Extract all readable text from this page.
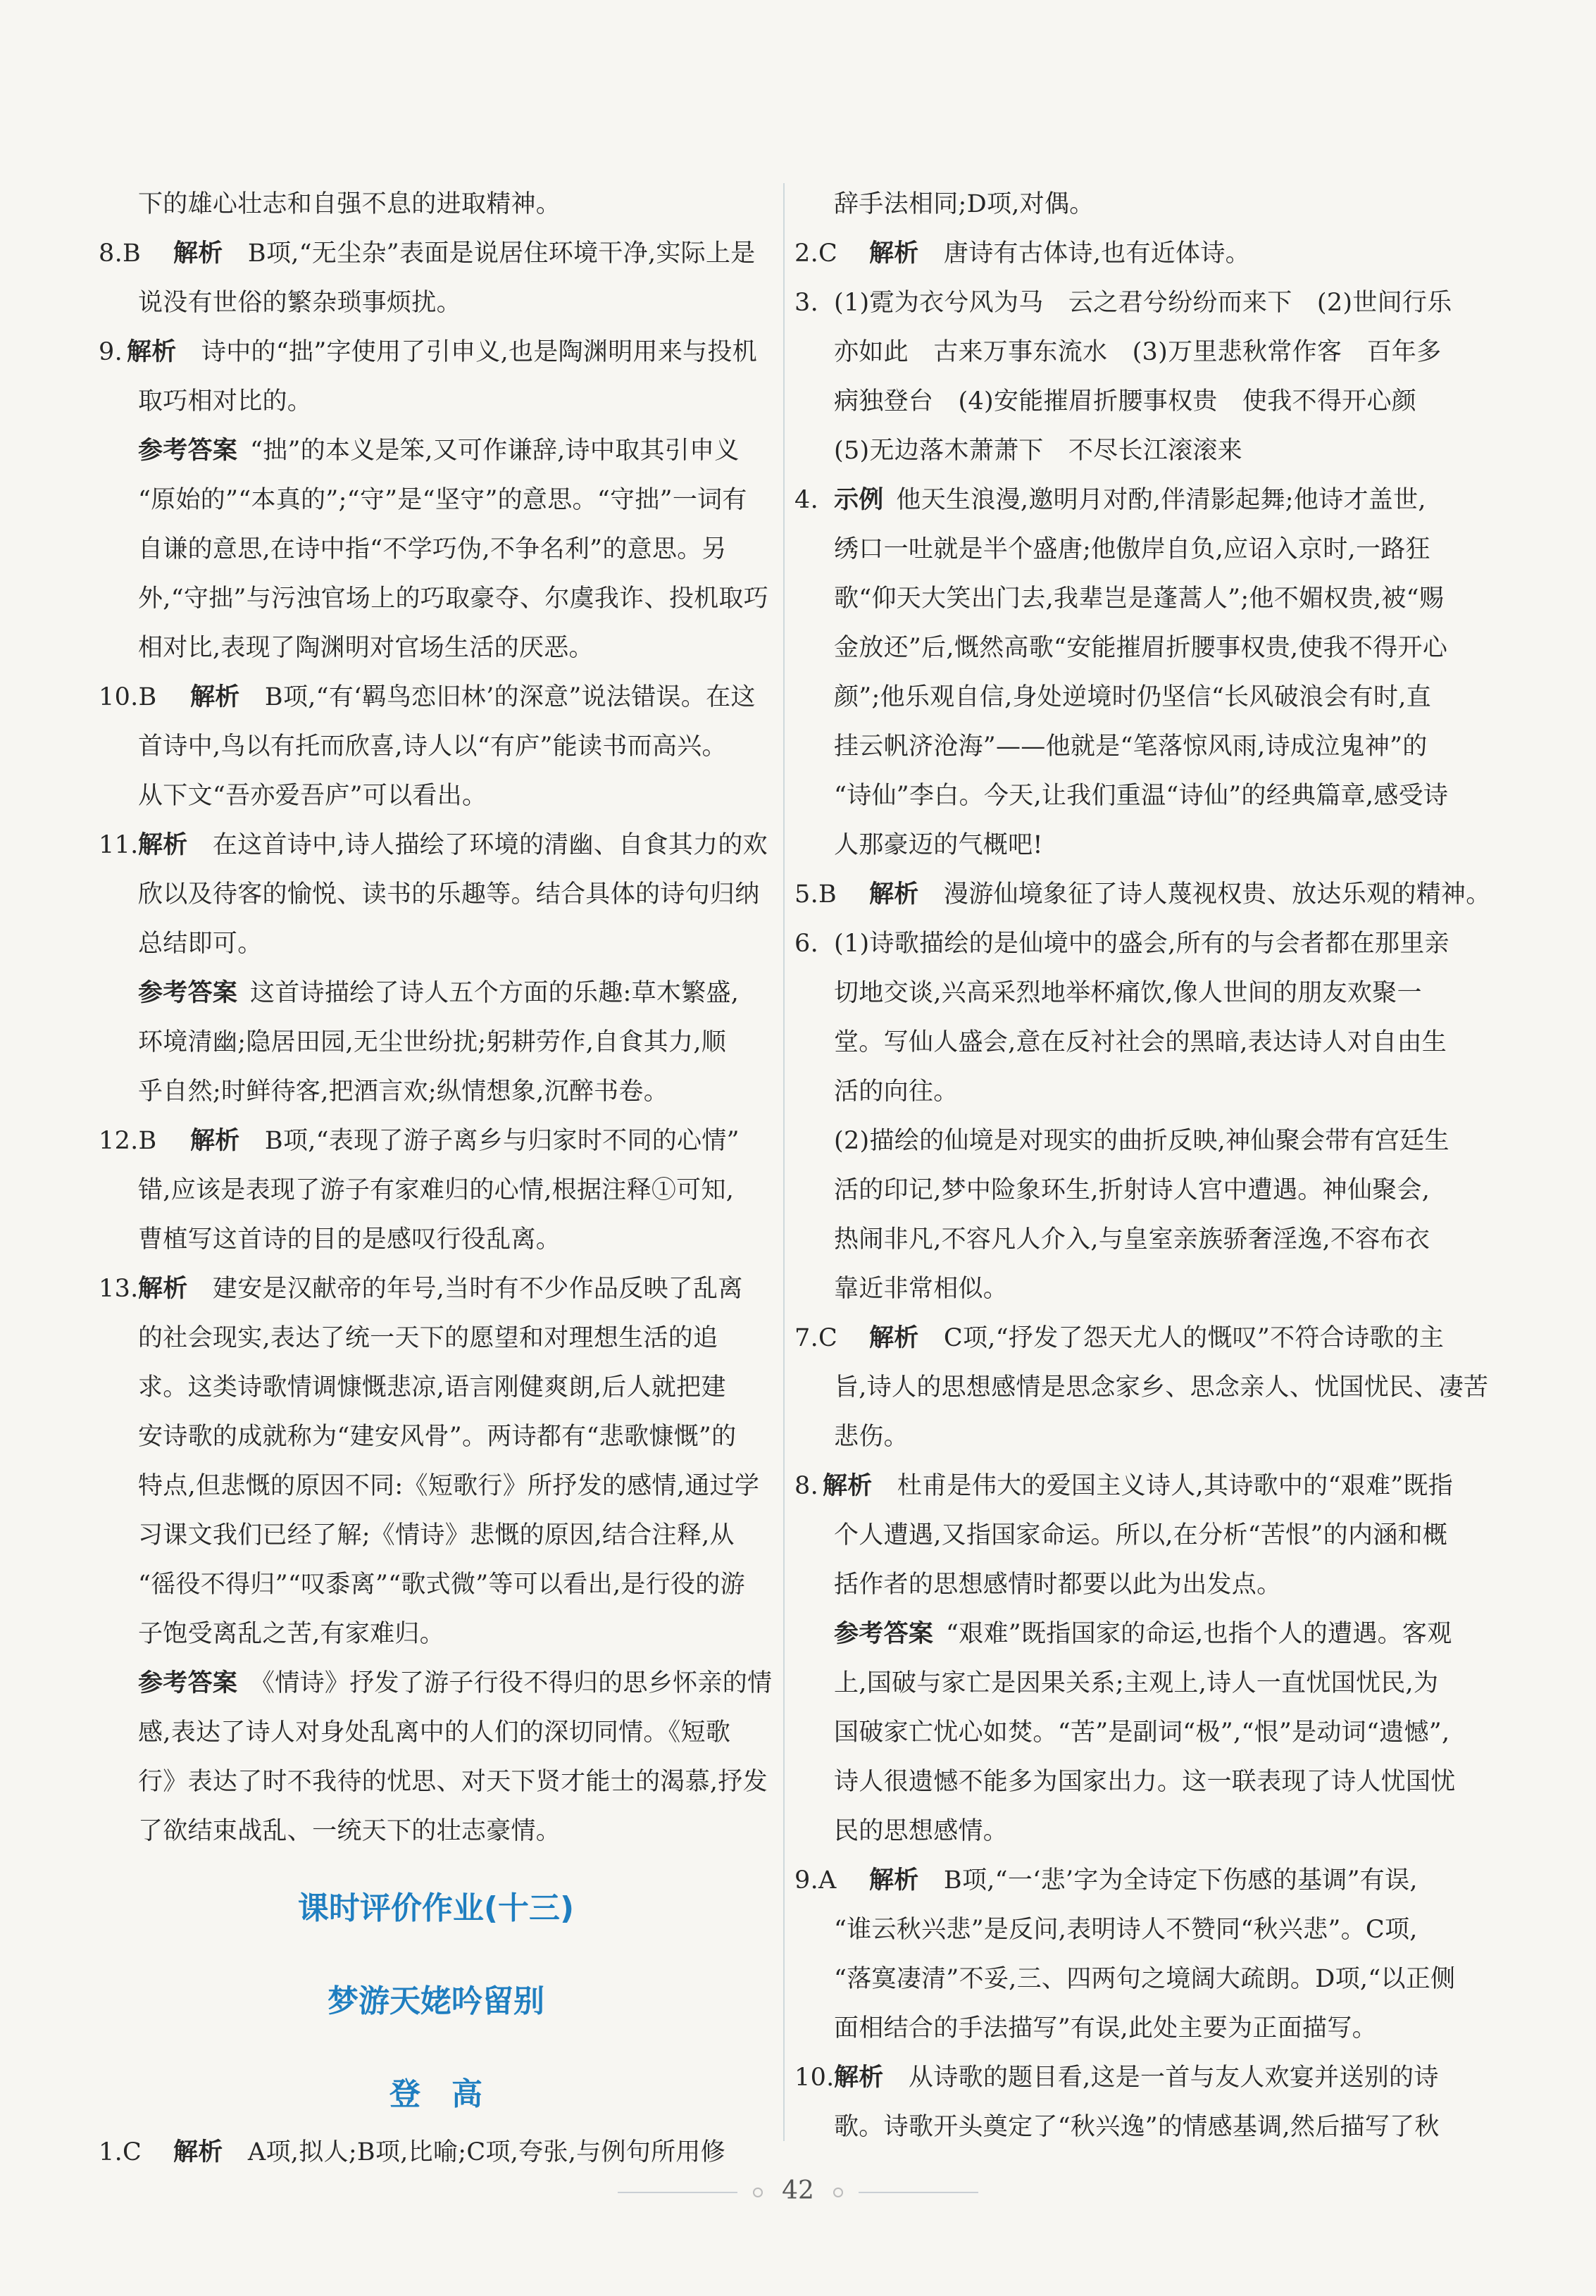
下的雄心壮志和自强不息的进取精神。
8.B 解析  B项,“无尘杂”表面是说居住环境干净,实际上是
说没有世俗的繁杂琐事烦扰。
9. 解析  诗中的“拙”字使用了引申义,也是陶渊明用来与投机
取巧相对比的。
参考答案  “拙”的本义是笨,又可作谦辞,诗中取其引申义
“原始的”“本真的”;“守”是“坚守”的意思。“守拙”一词有
自谦的意思,在诗中指“不学巧伪,不争名利”的意思。另
外,“守拙”与污浊官场上的巧取豪夺、尔虞我诈、投机取巧
相对比,表现了陶渊明对官场生活的厌恶。
10.B 解析  B项,“有‘羁鸟恋旧林’的深意”说法错误。在这
首诗中,鸟以有托而欣喜,诗人以“有庐”能读书而高兴。
从下文“吾亦爱吾庐”可以看出。
11. 解析  在这首诗中,诗人描绘了环境的清幽、自食其力的欢
欣以及待客的愉悦、读书的乐趣等。结合具体的诗句归纳
总结即可。
参考答案  这首诗描绘了诗人五个方面的乐趣:草木繁盛,
环境清幽;隐居田园,无尘世纷扰;躬耕劳作,自食其力,顺
乎自然;时鲜待客,把酒言欢;纵情想象,沉醉书卷。
12.B 解析  B项,“表现了游子离乡与归家时不同的心情”
错,应该是表现了游子有家难归的心情,根据注释①可知,
曹植写这首诗的目的是感叹行役乱离。
13. 解析  建安是汉献帝的年号,当时有不少作品反映了乱离
的社会现实,表达了统一天下的愿望和对理想生活的追
求。这类诗歌情调慷慨悲凉,语言刚健爽朗,后人就把建
安诗歌的成就称为“建安风骨”。两诗都有“悲歌慷慨”的
特点,但悲慨的原因不同:《短歌行》所抒发的感情,通过学
习课文我们已经了解;《情诗》悲慨的原因,结合注释,从
“徭役不得归”“叹黍离”“歌式微”等可以看出,是行役的游
子饱受离乱之苦,有家难归。
参考答案  《情诗》抒发了游子行役不得归的思乡怀亲的情
感,表达了诗人对身处乱离中的人们的深切同情。《短歌
行》表达了时不我待的忧思、对天下贤才能士的渴慕,抒发
了欲结束战乱、一统天下的壮志豪情。
课时评价作业(十三)
梦游天姥吟留别
登　高
1.C 解析  A项,拟人;B项,比喻;C项,夸张,与例句所用修
辞手法相同;D项,对偶。
2.C 解析  唐诗有古体诗,也有近体诗。
3. (1)霓为衣兮风为马　云之君兮纷纷而来下　(2)世间行乐
亦如此　古来万事东流水　(3)万里悲秋常作客　百年多
病独登台　(4)安能摧眉折腰事权贵　使我不得开心颜
(5)无边落木萧萧下　不尽长江滚滚来
4. 示例  他天生浪漫,邀明月对酌,伴清影起舞;他诗才盖世,
绣口一吐就是半个盛唐;他傲岸自负,应诏入京时,一路狂
歌“仰天大笑出门去,我辈岂是蓬蒿人”;他不媚权贵,被“赐
金放还”后,慨然高歌“安能摧眉折腰事权贵,使我不得开心
颜”;他乐观自信,身处逆境时仍坚信“长风破浪会有时,直
挂云帆济沧海”——他就是“笔落惊风雨,诗成泣鬼神”的
“诗仙”李白。今天,让我们重温“诗仙”的经典篇章,感受诗
人那豪迈的气概吧!
5.B 解析  漫游仙境象征了诗人蔑视权贵、放达乐观的精神。
6. (1)诗歌描绘的是仙境中的盛会,所有的与会者都在那里亲
切地交谈,兴高采烈地举杯痛饮,像人世间的朋友欢聚一
堂。写仙人盛会,意在反衬社会的黑暗,表达诗人对自由生
活的向往。
(2)描绘的仙境是对现实的曲折反映,神仙聚会带有宫廷生
活的印记,梦中险象环生,折射诗人宫中遭遇。神仙聚会,
热闹非凡,不容凡人介入,与皇室亲族骄奢淫逸,不容布衣
靠近非常相似。
7.C 解析  C项,“抒发了怨天尤人的慨叹”不符合诗歌的主
旨,诗人的思想感情是思念家乡、思念亲人、忧国忧民、凄苦
悲伤。
8. 解析  杜甫是伟大的爱国主义诗人,其诗歌中的“艰难”既指
个人遭遇,又指国家命运。所以,在分析“苦恨”的内涵和概
括作者的思想感情时都要以此为出发点。
参考答案  “艰难”既指国家的命运,也指个人的遭遇。客观
上,国破与家亡是因果关系;主观上,诗人一直忧国忧民,为
国破家亡忧心如焚。“苦”是副词“极”,“恨”是动词“遗憾”,
诗人很遗憾不能多为国家出力。这一联表现了诗人忧国忧
民的思想感情。
9.A 解析  B项,“一‘悲’字为全诗定下伤感的基调”有误,
“谁云秋兴悲”是反问,表明诗人不赞同“秋兴悲”。C项,
“落寞凄清”不妥,三、四两句之境阔大疏朗。D项,“以正侧
面相结合的手法描写”有误,此处主要为正面描写。
10. 解析  从诗歌的题目看,这是一首与友人欢宴并送别的诗
歌。诗歌开头奠定了“秋兴逸”的情感基调,然后描写了秋
42
